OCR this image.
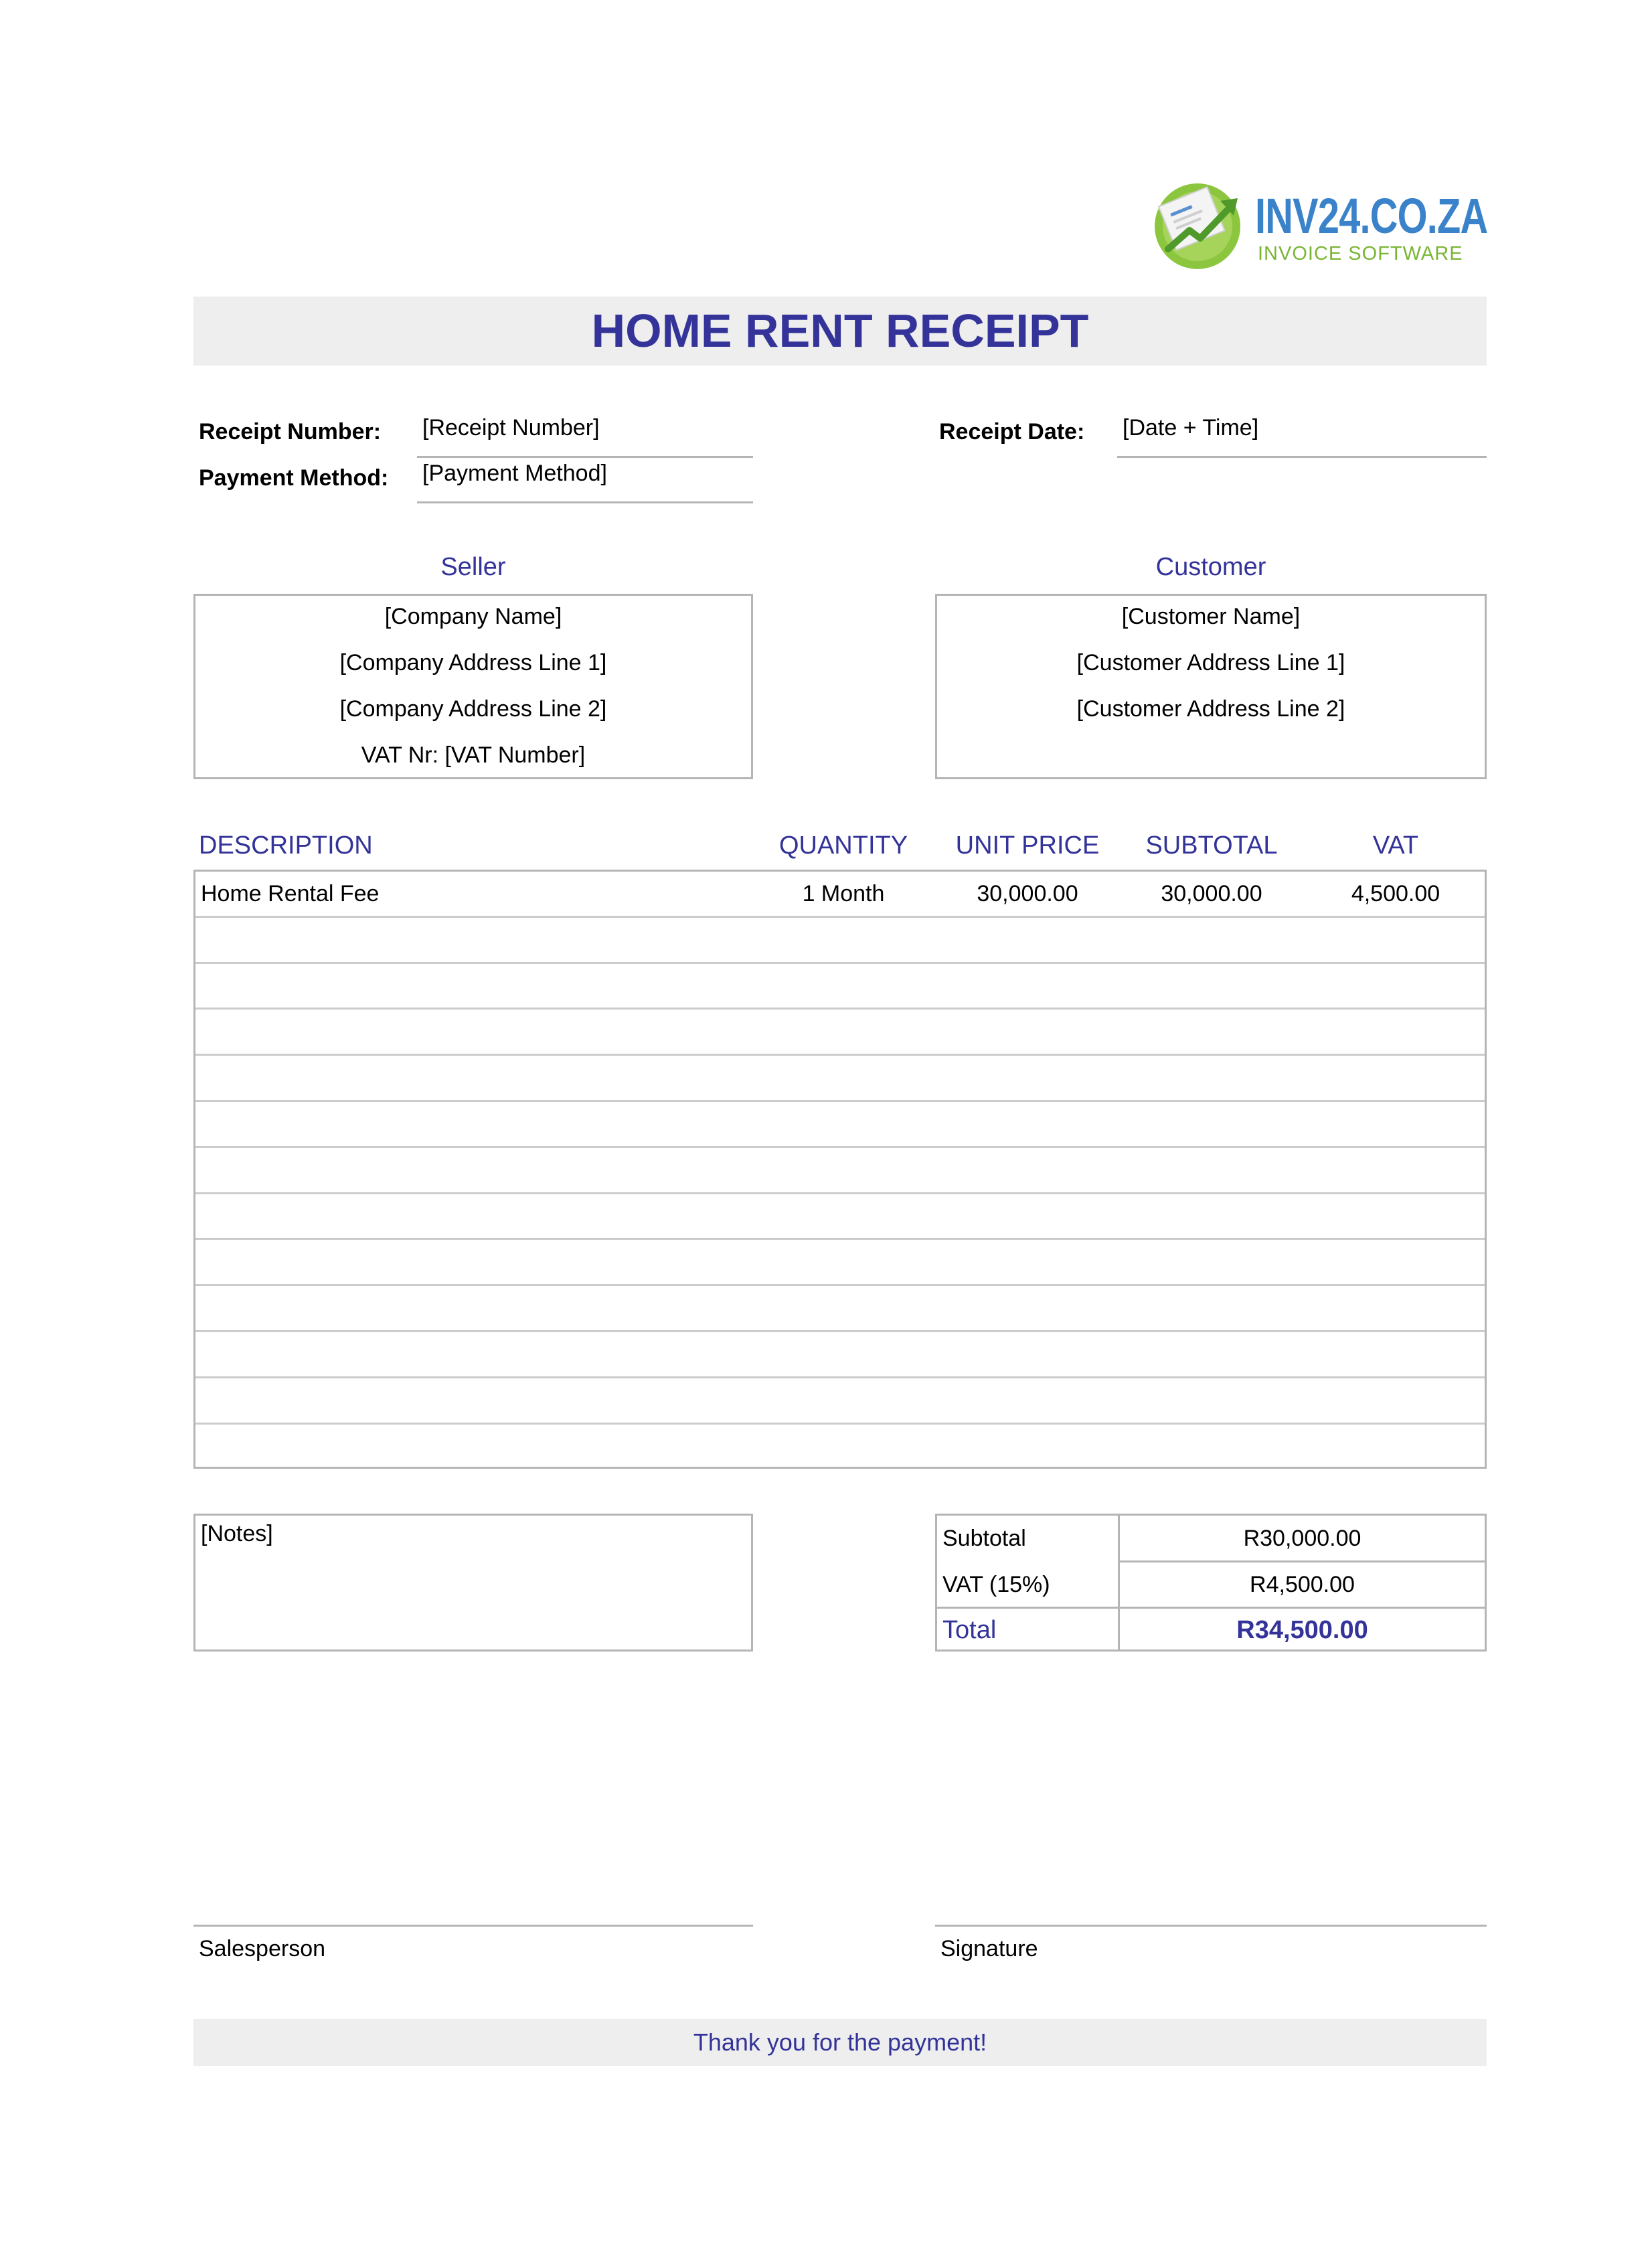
INV24.CO.ZA
INVOICE SOFTWARE
HOME RENT RECEIPT
Receipt Number: [Receipt Number]
Payment Method: [Payment Method]
Receipt Date: [Date + Time]
Seller
[Company Name]
[Company Address Line 1]
[Company Address Line 2]
VAT Nr: [VAT Number]
Customer
[Customer Name]
[Customer Address Line 1]
[Customer Address Line 2]
DESCRIPTION	QUANTITY	UNIT PRICE	SUBTOTAL	VAT
Home Rental Fee	1 Month	30,000.00	30,000.00	4,500.00
[Notes]	Subtotal	R30,000.00
VAT (15%)	R4,500.00
Total	R34,500.00
Salesperson	Signature
Thank you for the payment!
